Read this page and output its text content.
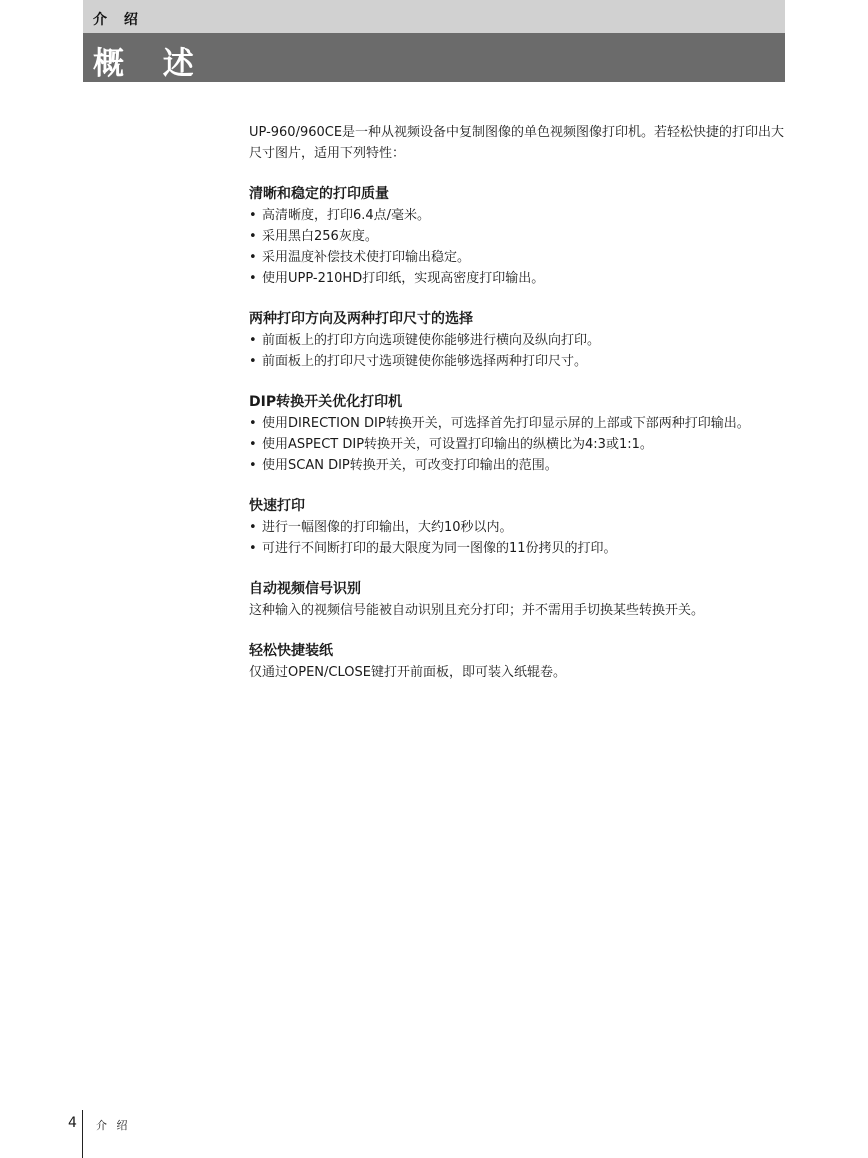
介 绍
概 述

UP-960/960CE是一种从视频设备中复制图像的单色视频图像打印机。若轻松快捷的打印出大尺寸图片，适用下列特性：

清晰和稳定的打印质量
• 高清晰度，打印6.4点/毫米。
• 采用黑白256灰度。
• 采用温度补偿技术使打印输出稳定。
• 使用UPP-210HD打印纸，实现高密度打印输出。
两种打印方向及两种打印尺寸的选择
• 前面板上的打印方向选项键使你能够进行横向及纵向打印。
• 前面板上的打印尺寸选项键使你能够选择两种打印尺寸。
DIP转换开关优化打印机
• 使用DIRECTION DIP转换开关，可选择首先打印显示屏的上部或下部两种打印输出。
• 使用ASPECT DIP转换开关，可设置打印输出的纵横比为4:3或1:1。
• 使用SCAN DIP转换开关，可改变打印输出的范围。
快速打印
• 进行一幅图像的打印输出，大约10秒以内。
• 可进行不间断打印的最大限度为同一图像的11份拷贝的打印。
自动视频信号识别

这种输入的视频信号能被自动识别且充分打印；并不需用手切换某些转换开关。

轻松快捷装纸

仅通过OPEN/CLOSE键打开前面板，即可装入纸辊卷。

4 介 绍
